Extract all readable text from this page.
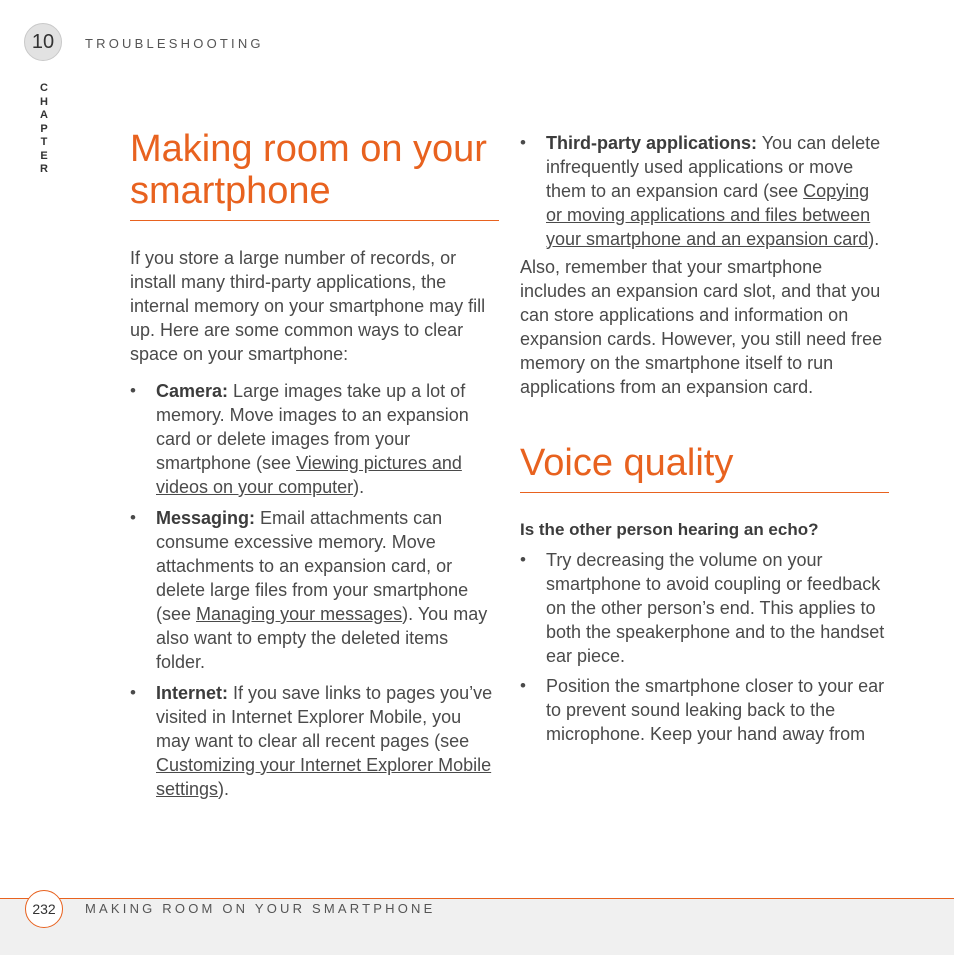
10	TROUBLESHOOTING
C
H
A
P
T
E
R Making room on your smartphone

If you store a large number of records, or install many third-party applications, the internal memory on your smartphone may fill up. Here are some common ways to clear space on your smartphone:

• Camera: Large images take up a lot of memory. Move images to an expansion card or delete images from your smartphone (see Viewing pictures and videos on your computer).
• Messaging: Email attachments can consume excessive memory. Move attachments to an expansion card, or delete large files from your smartphone (see Managing your messages). You may also want to empty the deleted items folder.
• Internet: If you save links to pages you’ve visited in Internet Explorer Mobile, you may want to clear all recent pages (see Customizing your Internet Explorer Mobile settings).
• Third-party applications: You can delete infrequently used applications or move them to an expansion card (see Copying or moving applications and files between your smartphone and an expansion card).

Also, remember that your smartphone includes an expansion card slot, and that you can store applications and information on expansion cards. However, you still need free memory on the smartphone itself to run applications from an expansion card.

Voice quality

Is the other person hearing an echo?

• Try decreasing the volume on your smartphone to avoid coupling or feedback on the other person’s end. This applies to both the speakerphone and to the handset ear piece.
• Position the smartphone closer to your ear to prevent sound leaking back to the microphone. Keep your hand away from
232	MAKING ROOM ON YOUR SMARTPHONE
